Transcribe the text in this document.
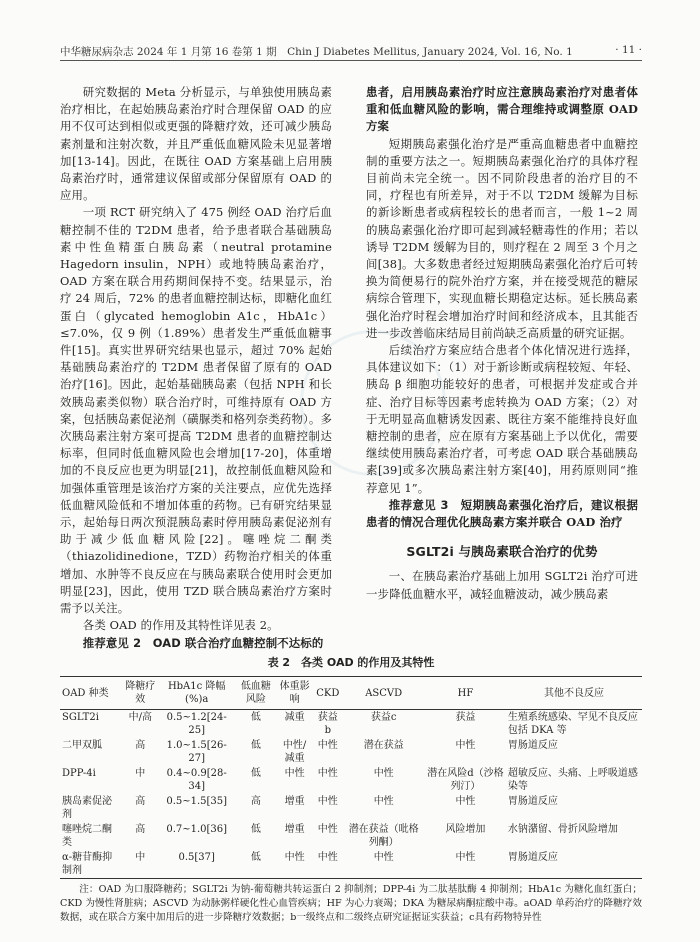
中华糖尿病杂志 2024 年 1 月第 16 卷第 1 期　Chin J Diabetes Mellitus, January 2024, Vol. 16, No. 1	· 11 ·

研究数据的 Meta 分析显示，与单独使用胰岛素治疗相比，在起始胰岛素治疗时合理保留 OAD 的应用不仅可达到相似或更强的降糖疗效，还可减少胰岛素剂量和注射次数，并且严重低血糖风险未见显著增加[13-14]。因此，在既往 OAD 方案基础上启用胰岛素治疗时，通常建议保留或部分保留原有 OAD 的应用。

一项 RCT 研究纳入了 475 例经 OAD 治疗后血糖控制不佳的 T2DM 患者，给予患者联合基础胰岛素中性鱼精蛋白胰岛素（neutral protamine Hagedorn insulin，NPH）或地特胰岛素治疗，OAD 方案在联合用药期间保持不变。结果显示，治疗 24 周后，72% 的患者血糖控制达标，即糖化血红蛋白（glycated hemoglobin A1c，HbA1c）≤7.0%，仅 9 例（1.89%）患者发生严重低血糖事件[15]。真实世界研究结果也显示，超过 70% 起始基础胰岛素治疗的 T2DM 患者保留了原有的 OAD 治疗[16]。因此，起始基础胰岛素（包括 NPH 和长效胰岛素类似物）联合治疗时，可维持原有 OAD 方案，包括胰岛素促泌剂（磺脲类和格列奈类药物）。多次胰岛素注射方案可提高 T2DM 患者的血糖控制达标率，但同时低血糖风险也会增加[17-20]，体重增加的不良反应也更为明显[21]，故控制低血糖风险和加强体重管理是该治疗方案的关注要点，应优先选择低血糖风险低和不增加体重的药物。已有研究结果显示，起始每日两次预混胰岛素时停用胰岛素促泌剂有助于减少低血糖风险[22]。噻唑烷二酮类（thiazolidinedione，TZD）药物治疗相关的体重增加、水肿等不良反应在与胰岛素联合使用时会更加明显[23]，因此，使用 TZD 联合胰岛素治疗方案时需予以关注。

各类 OAD 的作用及其特性详见表 2。

推荐意见 2　 OAD 联合治疗血糖控制不达标的

患者，启用胰岛素治疗时应注意胰岛素治疗对患者体重和低血糖风险的影响，需合理维持或调整原 OAD 方案

短期胰岛素强化治疗是严重高血糖患者中血糖控制的重要方法之一。短期胰岛素强化治疗的具体疗程目前尚未完全统一。因不同阶段患者的治疗目的不同，疗程也有所差异，对于不以 T2DM 缓解为目标的新诊断患者或病程较长的患者而言，一般 1~2 周的胰岛素强化治疗即可起到减轻糖毒性的作用；若以诱导 T2DM 缓解为目的，则疗程在 2 周至 3 个月之间[38]。大多数患者经过短期胰岛素强化治疗后可转换为简便易行的院外治疗方案，并在接受规范的糖尿病综合管理下，实现血糖长期稳定达标。延长胰岛素强化治疗时程会增加治疗时间和经济成本，且其能否进一步改善临床结局目前尚缺乏高质量的研究证据。

后续治疗方案应结合患者个体化情况进行选择，具体建议如下：（1）对于新诊断或病程较短、年轻、胰岛 β 细胞功能较好的患者，可根据并发症或合并症、治疗目标等因素考虑转换为 OAD 方案；（2）对于无明显高血糖诱发因素、既往方案不能维持良好血糖控制的患者，应在原有方案基础上予以优化，需要继续使用胰岛素治疗者，可考虑 OAD 联合基础胰岛素[39]或多次胰岛素注射方案[40]，用药原则同“推荐意见 1”。

推荐意见 3　 短期胰岛素强化治疗后，建议根据患者的情况合理优化胰岛素方案并联合 OAD 治疗

SGLT2i 与胰岛素联合治疗的优势

一、在胰岛素治疗基础上加用 SGLT2i 治疗可进一步降低血糖水平，减轻血糖波动，减少胰岛素

表 2　各类 OAD 的作用及其特性
OAD 种类	降糖疗效	HbA1c 降幅(%)a	低血糖风险	体重影响	CKD	ASCVD	HF	其他不良反应
SGLT2i	中/高	0.5~1.2[24-25]	低	减重	获益b	获益c	获益	生殖系统感染、罕见不良反应包括 DKA 等
二甲双胍	高	1.0~1.5[26-27]	低	中性/减重	中性	潜在获益	中性	胃肠道反应
DPP-4i	中	0.4~0.9[28-34]	低	中性	中性	中性	潜在风险d（沙格列汀）	超敏反应、头痛、上呼吸道感染等
胰岛素促泌剂	高	0.5~1.5[35]	高	增重	中性	中性	中性	胃肠道反应
噻唑烷二酮类	高	0.7~1.0[36]	低	增重	中性	潜在获益（吡格列酮）	风险增加	水钠潴留、骨折风险增加
α-糖苷酶抑制剂	中	0.5[37]	低	中性	中性	中性	中性	胃肠道反应
注：OAD 为口服降糖药；SGLT2i 为钠-葡萄糖共转运蛋白 2 抑制剂；DPP-4i 为二肽基肽酶 4 抑制剂；HbA1c 为糖化血红蛋白；CKD 为慢性肾脏病；ASCVD 为动脉粥样硬化性心血管疾病；HF 为心力衰竭；DKA 为糖尿病酮症酸中毒。aOAD 单药治疗的降糖疗效数据，或在联合方案中加用后的进一步降糖疗效数据；b一级终点和二级终点研究证据证实获益；c具有药物特异性
